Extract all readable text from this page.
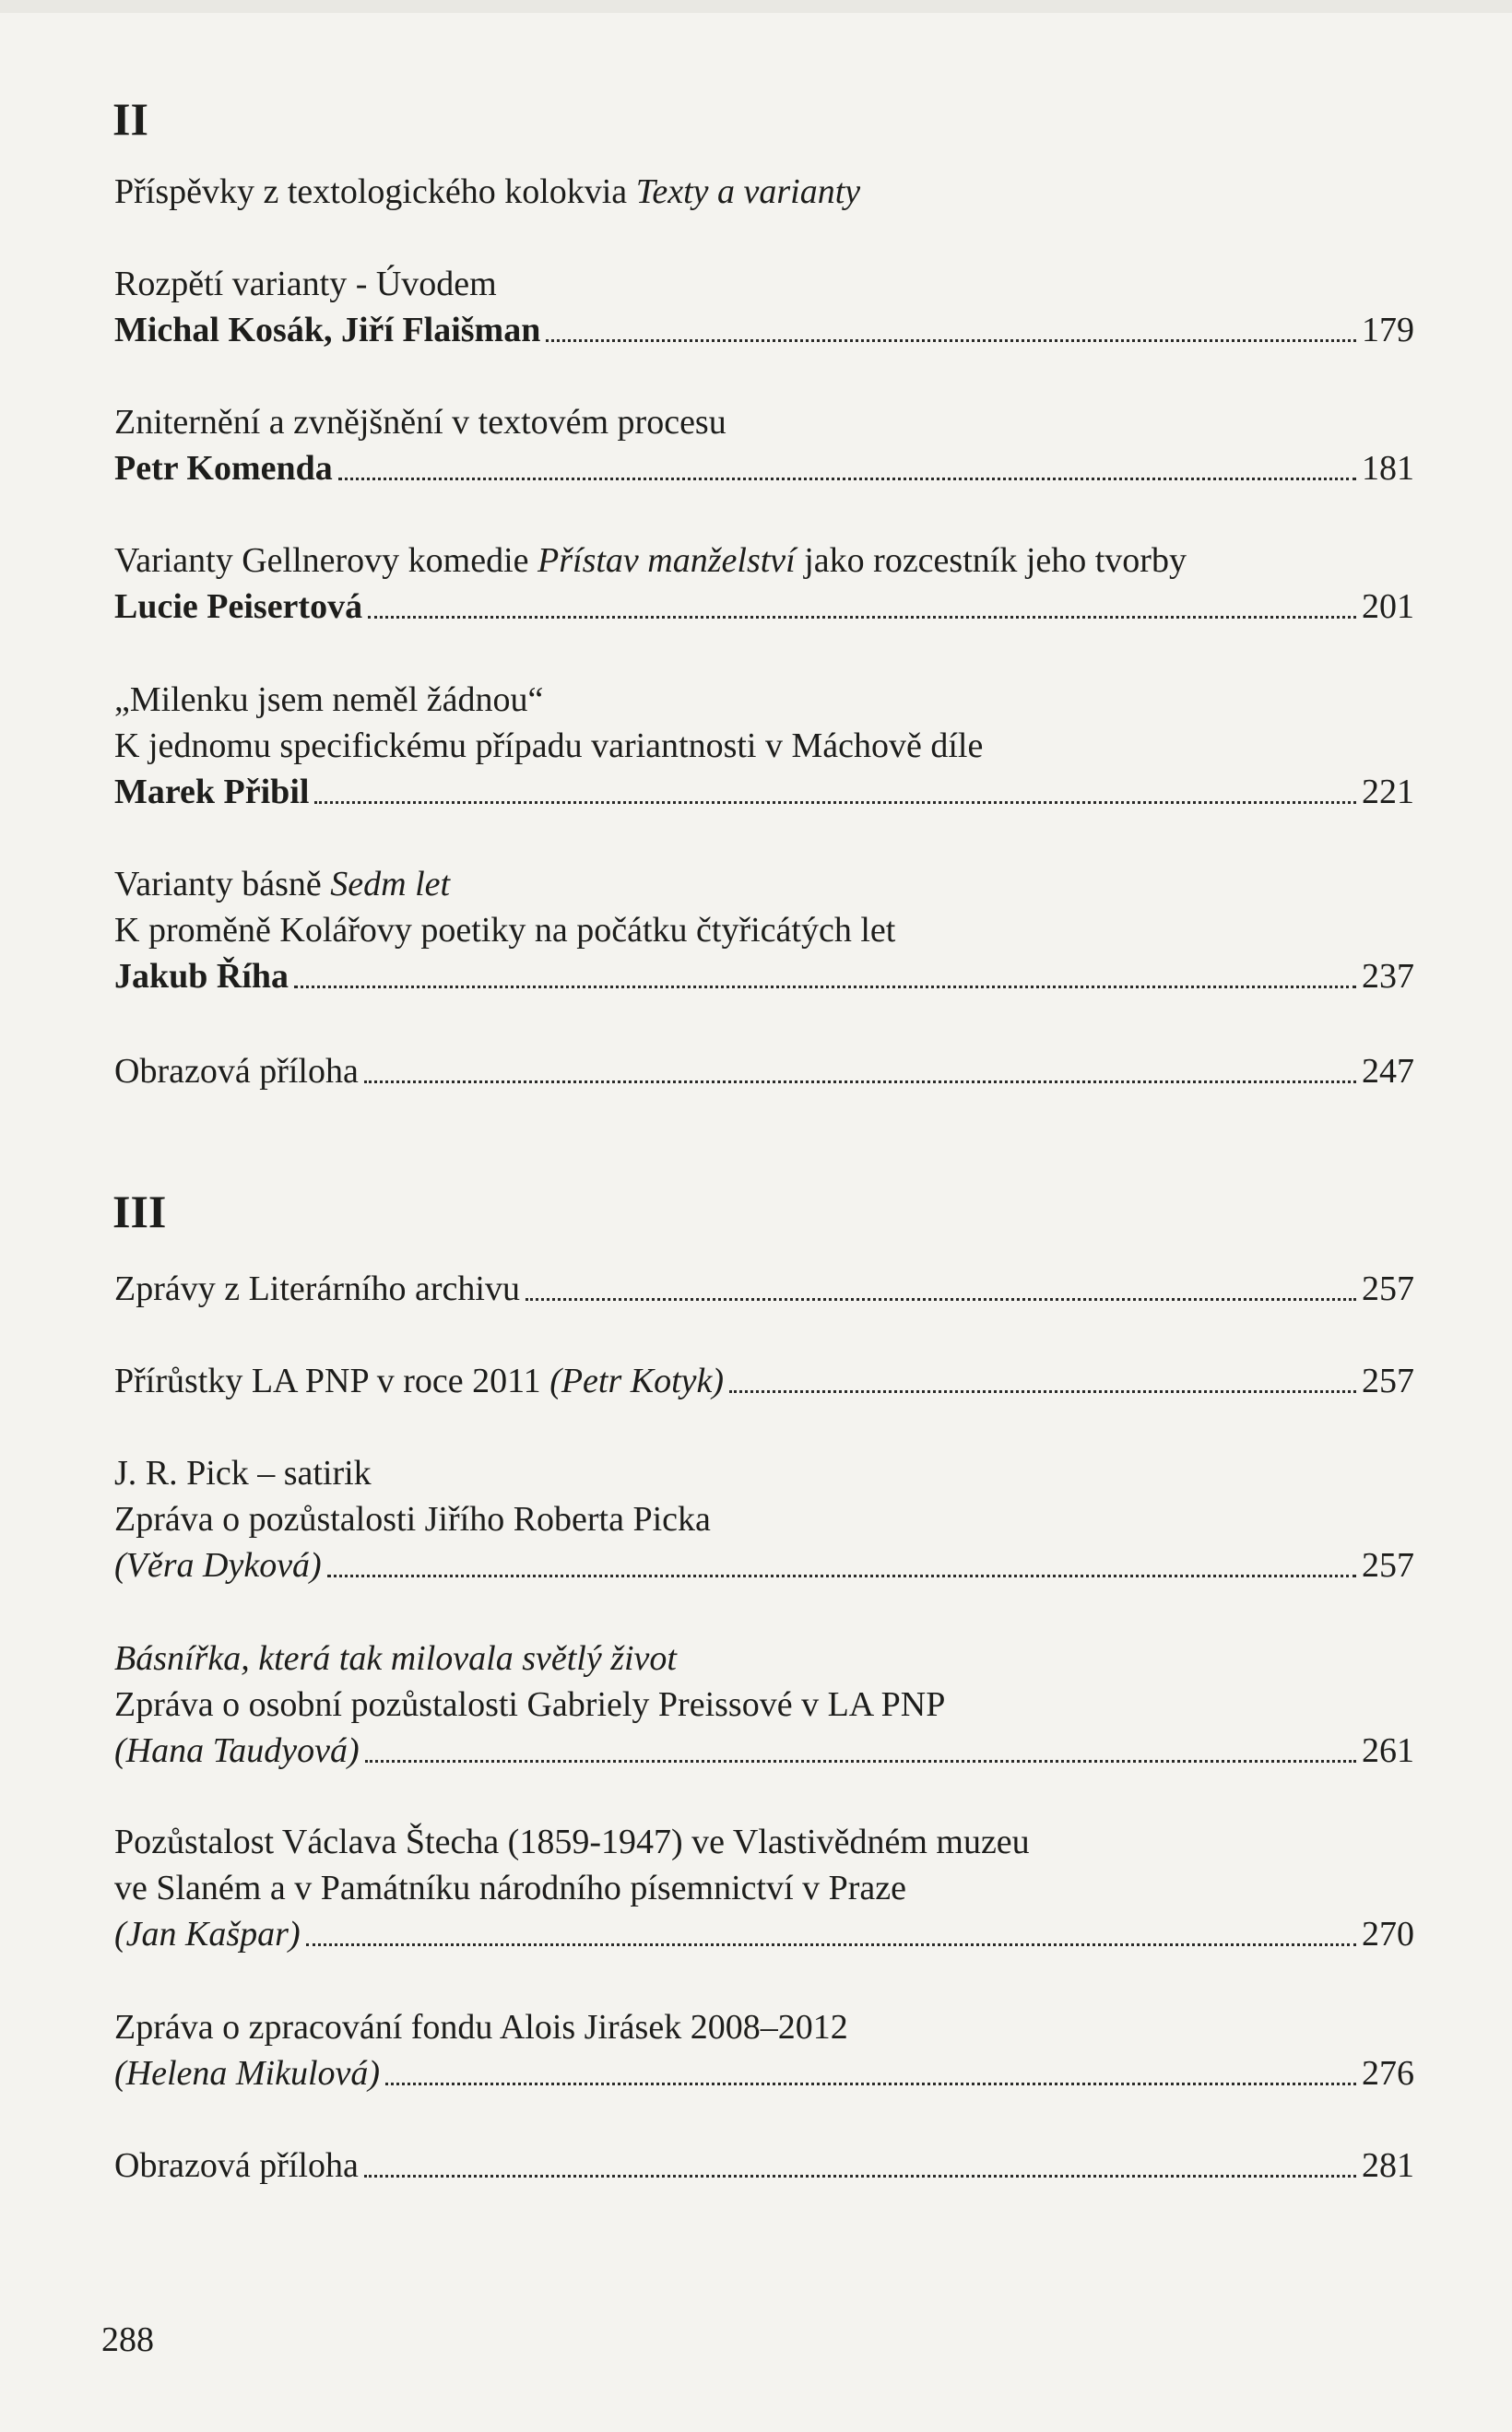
II
Příspěvky z textologického kolokvia Texty a varianty
Rozpětí varianty - Úvodem
Michal Kosák, Jiří Flaišman	179
Zniternění a zvnějšnění v textovém procesu
Petr Komenda	181
Varianty Gellnerovy komedie Přístav manželství jako rozcestník jeho tvorby
Lucie Peisertová	201
„Milenku jsem neměl žádnou“
K jednomu specifickému případu variantnosti v Máchově díle
Marek Přibil	221
Varianty básně Sedm let
K proměně Kolářovy poetiky na počátku čtyřicátých let
Jakub Říha	237
Obrazová příloha	247
III
Zprávy z Literárního archivu	257
Přírůstky LA PNP v roce 2011 (Petr Kotyk)	257
J. R. Pick – satirik
Zpráva o pozůstalosti Jiřího Roberta Picka
(Věra Dyková)	257
Básnířka, která tak milovala světlý život
Zpráva o osobní pozůstalosti Gabriely Preissové v LA PNP
(Hana Taudyová)	261
Pozůstalost Václava Štecha (1859-1947) ve Vlastivědném muzeu
ve Slaném a v Památníku národního písemnictví v Praze
(Jan Kašpar)	270
Zpráva o zpracování fondu Alois Jirásek 2008–2012
(Helena Mikulová)	276
Obrazová příloha	281
288
